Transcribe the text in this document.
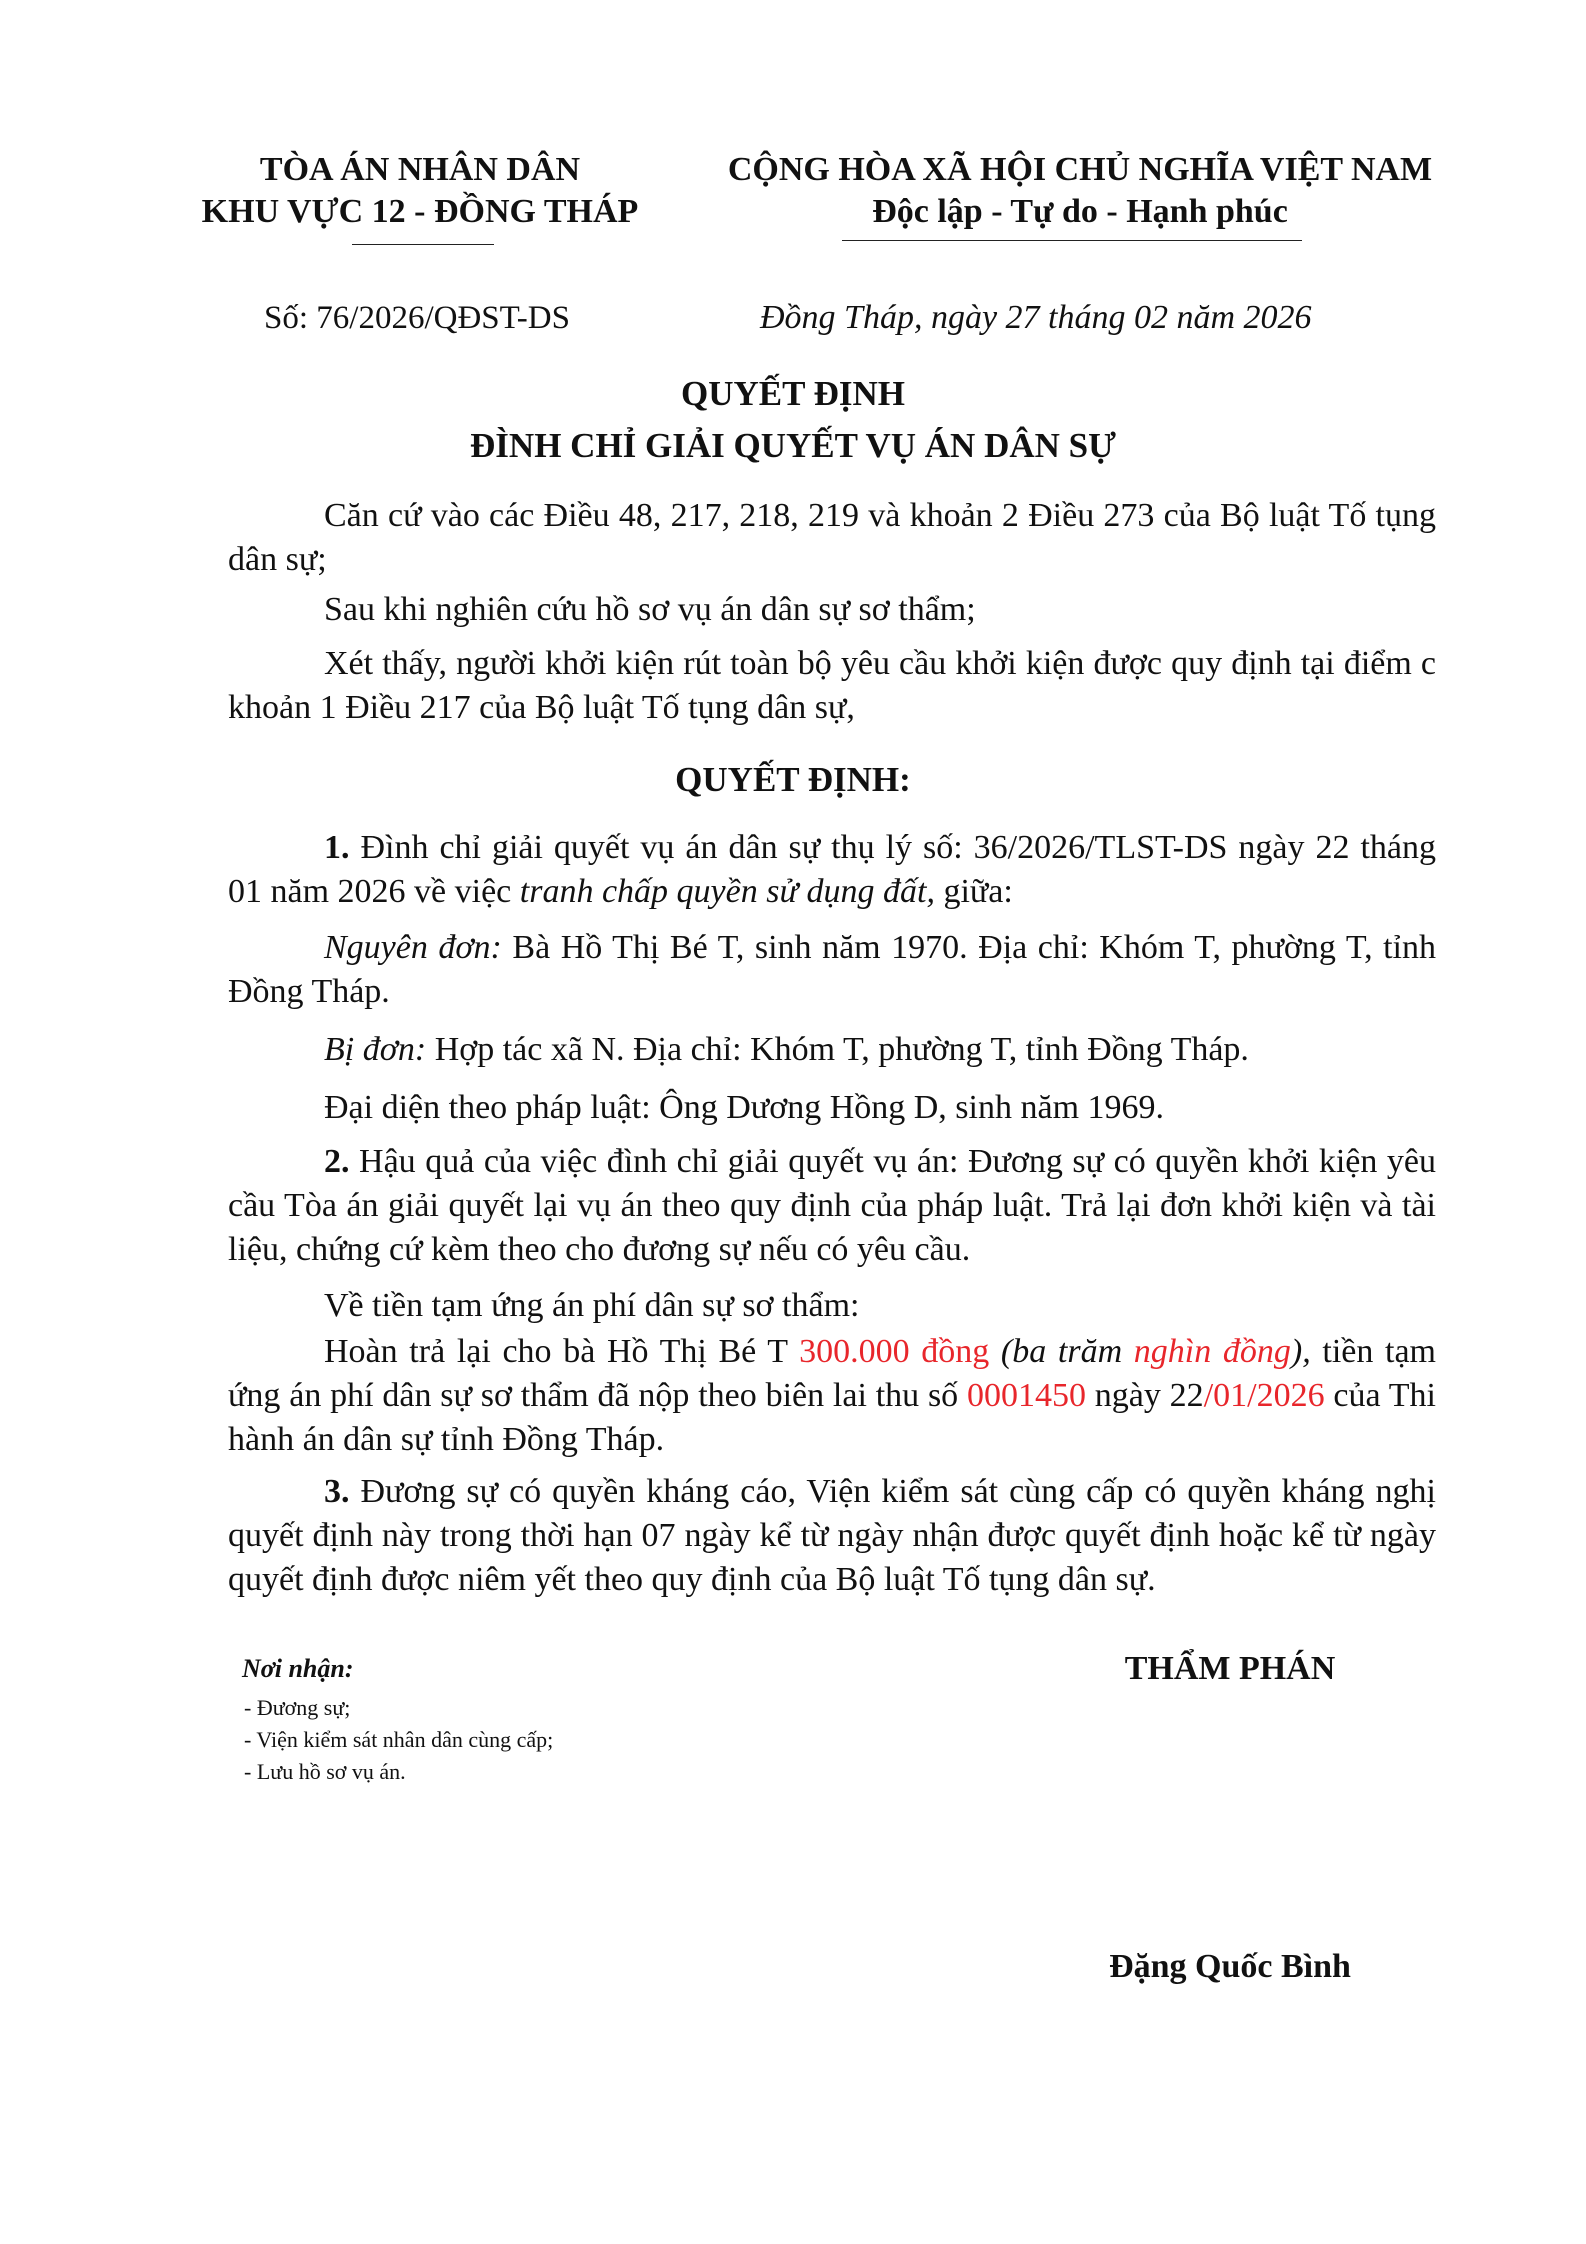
TÒA ÁN NHÂN DÂN
KHU VỰC 12 - ĐỒNG THÁP
CỘNG HÒA XÃ HỘI CHỦ NGHĨA VIỆT NAM
Độc lập - Tự do - Hạnh phúc
Số: 76/2026/QĐST-DS	Đồng Tháp, ngày 27 tháng 02 năm 2026
QUYẾT ĐỊNH
ĐÌNH CHỈ GIẢI QUYẾT VỤ ÁN DÂN SỰ

Căn cứ vào các Điều 48, 217, 218, 219 và khoản 2 Điều 273 của Bộ luật Tố tụng dân sự;

Sau khi nghiên cứu hồ sơ vụ án dân sự sơ thẩm;

Xét thấy, người khởi kiện rút toàn bộ yêu cầu khởi kiện được quy định tại điểm c khoản 1 Điều 217 của Bộ luật Tố tụng dân sự,

QUYẾT ĐỊNH:

1. Đình chỉ giải quyết vụ án dân sự thụ lý số: 36/2026/TLST-DS ngày 22 tháng 01 năm 2026 về việc tranh chấp quyền sử dụng đất, giữa:

Nguyên đơn: Bà Hồ Thị Bé T, sinh năm 1970. Địa chỉ: Khóm T, phường T, tỉnh Đồng Tháp.

Bị đơn: Hợp tác xã N. Địa chỉ: Khóm T, phường T, tỉnh Đồng Tháp.

Đại diện theo pháp luật: Ông Dương Hồng D, sinh năm 1969.

2. Hậu quả của việc đình chỉ giải quyết vụ án: Đương sự có quyền khởi kiện yêu cầu Tòa án giải quyết lại vụ án theo quy định của pháp luật. Trả lại đơn khởi kiện và tài liệu, chứng cứ kèm theo cho đương sự nếu có yêu cầu.

Về tiền tạm ứng án phí dân sự sơ thẩm:

Hoàn trả lại cho bà Hồ Thị Bé T 300.000 đồng (ba trăm nghìn đồng), tiền tạm ứng án phí dân sự sơ thẩm đã nộp theo biên lai thu số 0001450 ngày 22/01/2026 của Thi hành án dân sự tỉnh Đồng Tháp.

3. Đương sự có quyền kháng cáo, Viện kiểm sát cùng cấp có quyền kháng nghị quyết định này trong thời hạn 07 ngày kể từ ngày nhận được quyết định hoặc kể từ ngày quyết định được niêm yết theo quy định của Bộ luật Tố tụng dân sự.

Nơi nhận:
- Đương sự;
- Viện kiểm sát nhân dân cùng cấp;
- Lưu hồ sơ vụ án.
THẨM PHÁN
Đặng Quốc Bình
